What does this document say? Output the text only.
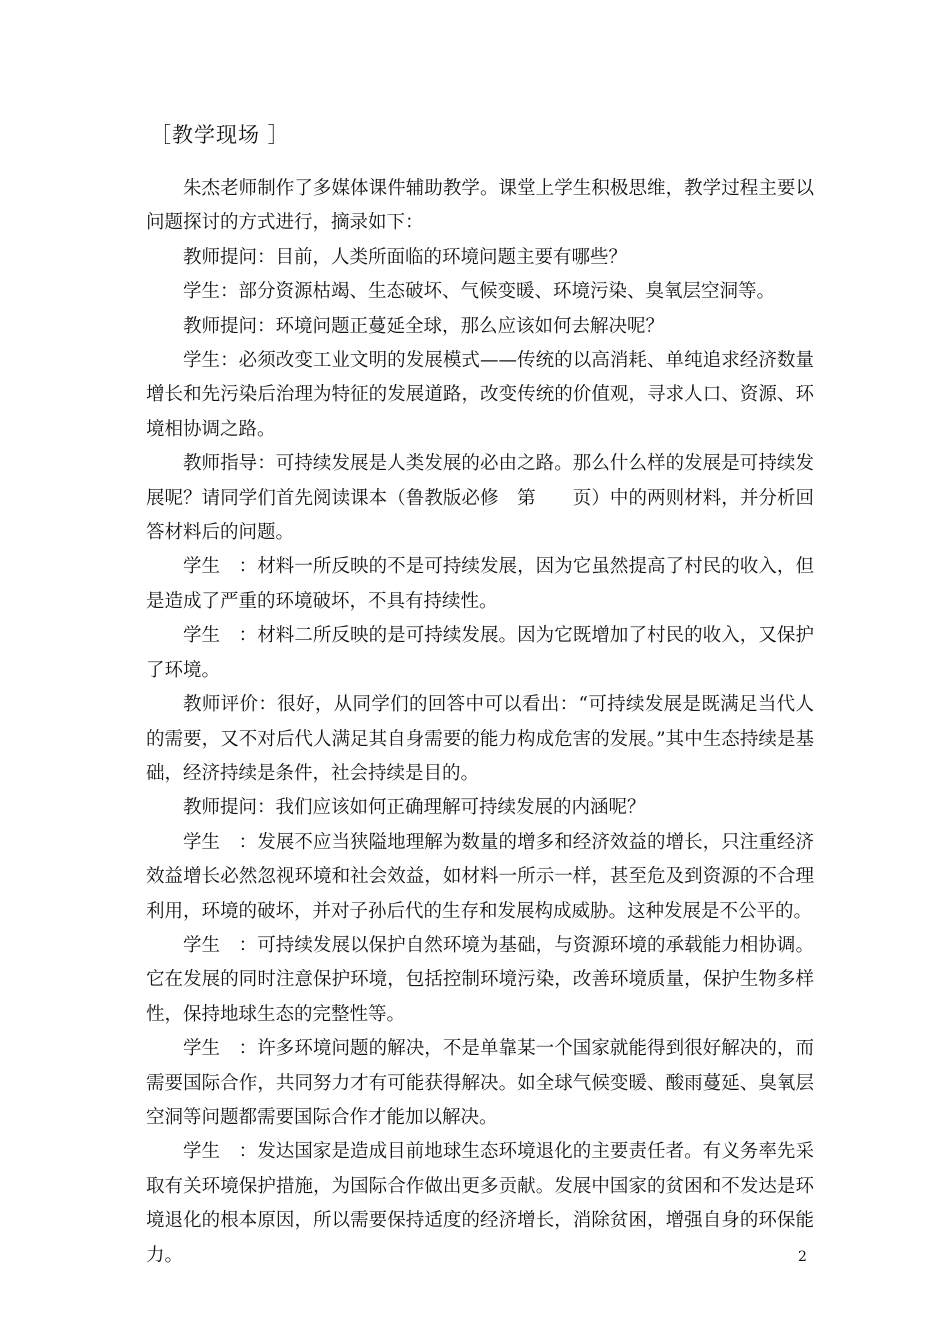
［教学现场 ］

朱杰老师制作了多媒体课件辅助教学。课堂上学生积极思维，教学过程主要以问题探讨的方式进行，摘录如下：

教师提问：目前，人类所面临的环境问题主要有哪些？

学生：部分资源枯竭、生态破坏、气候变暖、环境污染、臭氧层空洞等。

教师提问：环境问题正蔓延全球，那么应该如何去解决呢？

学生：必须改变工业文明的发展模式——传统的以高消耗、单纯追求经济数量增长和先污染后治理为特征的发展道路，改变传统的价值观，寻求人口、资源、环境相协调之路。

教师指导：可持续发展是人类发展的必由之路。那么什么样的发展是可持续发展呢？请同学们首先阅读课本（鲁教版必修　第　　页）中的两则材料，并分析回答材料后的问题。

学生　：材料一所反映的不是可持续发展，因为它虽然提高了村民的收入，但是造成了严重的环境破坏，不具有持续性。

学生　：材料二所反映的是可持续发展。因为它既增加了村民的收入，又保护了环境。

教师评价：很好，从同学们的回答中可以看出：“可持续发展是既满足当代人的需要，又不对后代人满足其自身需要的能力构成危害的发展。”其中生态持续是基础，经济持续是条件，社会持续是目的。

教师提问：我们应该如何正确理解可持续发展的内涵呢？

学生　：发展不应当狭隘地理解为数量的增多和经济效益的增长，只注重经济效益增长必然忽视环境和社会效益，如材料一所示一样，甚至危及到资源的不合理利用，环境的破坏，并对子孙后代的生存和发展构成威胁。这种发展是不公平的。

学生　：可持续发展以保护自然环境为基础，与资源环境的承载能力相协调。它在发展的同时注意保护环境，包括控制环境污染，改善环境质量，保护生物多样性，保持地球生态的完整性等。

学生　：许多环境问题的解决，不是单靠某一个国家就能得到很好解决的，而需要国际合作，共同努力才有可能获得解决。如全球气候变暖、酸雨蔓延、臭氧层空洞等问题都需要国际合作才能加以解决。

学生　：发达国家是造成目前地球生态环境退化的主要责任者。有义务率先采取有关环境保护措施，为国际合作做出更多贡献。发展中国家的贫困和不发达是环境退化的根本原因，所以需要保持适度的经济增长，消除贫困，增强自身的环保能力。	2
